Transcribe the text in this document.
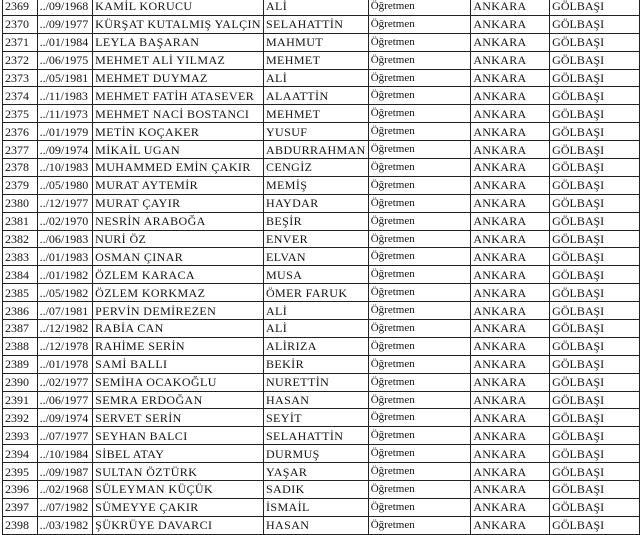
2369	../09/1968	KAMİL KORUCU	ALİ	Öğretmen	ANKARA	GÖLBAŞI
2370	../09/1977	KÜRŞAT KUTALMIŞ YALÇIN	SELAHATTİN	Öğretmen	ANKARA	GÖLBAŞI
2371	../01/1984	LEYLA BAŞARAN	MAHMUT	Öğretmen	ANKARA	GÖLBAŞI
2372	../06/1975	MEHMET ALİ YILMAZ	MEHMET	Öğretmen	ANKARA	GÖLBAŞI
2373	../05/1981	MEHMET DUYMAZ	ALİ	Öğretmen	ANKARA	GÖLBAŞI
2374	../11/1983	MEHMET FATİH ATASEVER	ALAATTİN	Öğretmen	ANKARA	GÖLBAŞI
2375	../11/1973	MEHMET NACİ BOSTANCI	MEHMET	Öğretmen	ANKARA	GÖLBAŞI
2376	../01/1979	METİN KOÇAKER	YUSUF	Öğretmen	ANKARA	GÖLBAŞI
2377	../09/1974	MİKAİL UGAN	ABDURRAHMAN	Öğretmen	ANKARA	GÖLBAŞI
2378	../10/1983	MUHAMMED EMİN ÇAKIR	CENGİZ	Öğretmen	ANKARA	GÖLBAŞI
2379	../05/1980	MURAT AYTEMİR	MEMİŞ	Öğretmen	ANKARA	GÖLBAŞI
2380	../12/1977	MURAT ÇAYIR	HAYDAR	Öğretmen	ANKARA	GÖLBAŞI
2381	../02/1970	NESRİN ARABOĞA	BEŞİR	Öğretmen	ANKARA	GÖLBAŞI
2382	../06/1983	NURİ ÖZ	ENVER	Öğretmen	ANKARA	GÖLBAŞI
2383	../01/1983	OSMAN ÇINAR	ELVAN	Öğretmen	ANKARA	GÖLBAŞI
2384	../01/1982	ÖZLEM KARACA	MUSA	Öğretmen	ANKARA	GÖLBAŞI
2385	../05/1982	ÖZLEM KORKMAZ	ÖMER FARUK	Öğretmen	ANKARA	GÖLBAŞI
2386	../07/1981	PERVİN DEMİREZEN	ALİ	Öğretmen	ANKARA	GÖLBAŞI
2387	../12/1982	RABİA CAN	ALİ	Öğretmen	ANKARA	GÖLBAŞI
2388	../12/1978	RAHİME SERİN	ALİRIZA	Öğretmen	ANKARA	GÖLBAŞI
2389	../01/1978	SAMİ BALLI	BEKİR	Öğretmen	ANKARA	GÖLBAŞI
2390	../02/1977	SEMİHA OCAKOĞLU	NURETTİN	Öğretmen	ANKARA	GÖLBAŞI
2391	../06/1977	SEMRA ERDOĞAN	HASAN	Öğretmen	ANKARA	GÖLBAŞI
2392	../09/1974	SERVET SERİN	SEYİT	Öğretmen	ANKARA	GÖLBAŞI
2393	../07/1977	SEYHAN BALCI	SELAHATTİN	Öğretmen	ANKARA	GÖLBAŞI
2394	../10/1984	SİBEL ATAY	DURMUŞ	Öğretmen	ANKARA	GÖLBAŞI
2395	../09/1987	SULTAN ÖZTÜRK	YAŞAR	Öğretmen	ANKARA	GÖLBAŞI
2396	../02/1968	SÜLEYMAN KÜÇÜK	SADIK	Öğretmen	ANKARA	GÖLBAŞI
2397	../07/1982	SÜMEYYE ÇAKIR	İSMAİL	Öğretmen	ANKARA	GÖLBAŞI
2398	../03/1982	ŞÜKRÜYE DAVARCI	HASAN	Öğretmen	ANKARA	GÖLBAŞI
